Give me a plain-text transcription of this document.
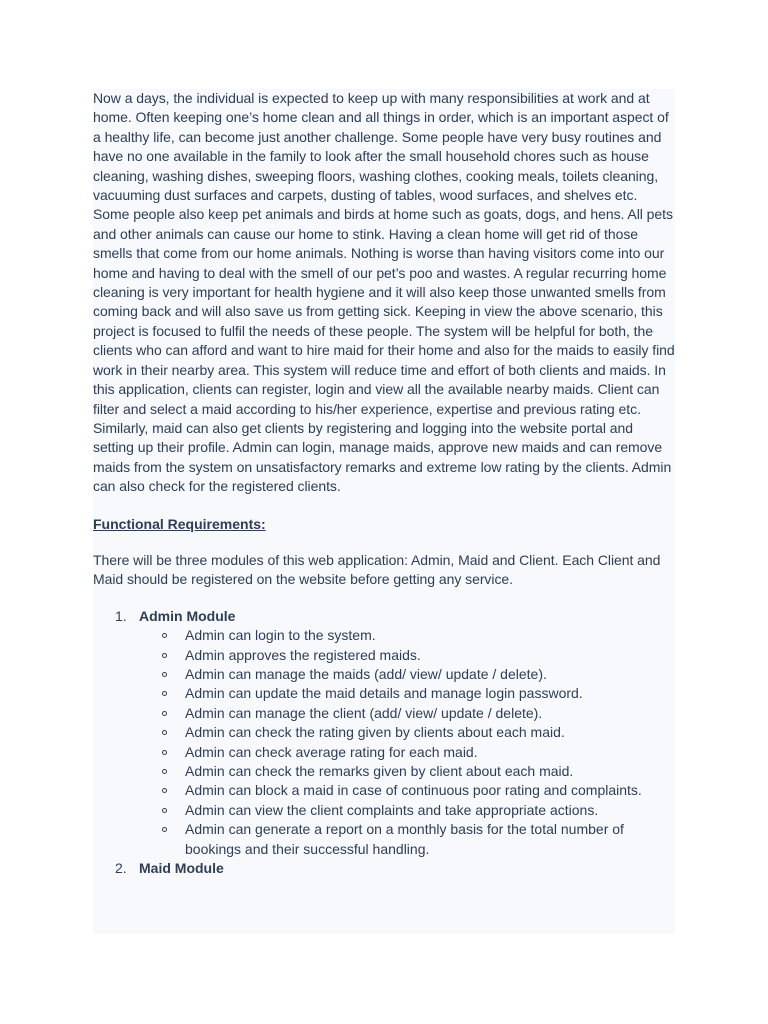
Now a days, the individual is expected to keep up with many responsibilities at work and at home. Often keeping one’s home clean and all things in order, which is an important aspect of a healthy life, can become just another challenge. Some people have very busy routines and have no one available in the family to look after the small household chores such as house cleaning, washing dishes, sweeping floors, washing clothes, cooking meals, toilets cleaning, vacuuming dust surfaces and carpets, dusting of tables, wood surfaces, and shelves etc. Some people also keep pet animals and birds at home such as goats, dogs, and hens. All pets and other animals can cause our home to stink. Having a clean home will get rid of those smells that come from our home animals. Nothing is worse than having visitors come into our home and having to deal with the smell of our pet’s poo and wastes. A regular recurring home cleaning is very important for health hygiene and it will also keep those unwanted smells from coming back and will also save us from getting sick. Keeping in view the above scenario, this project is focused to fulfil the needs of these people. The system will be helpful for both, the clients who can afford and want to hire maid for their home and also for the maids to easily find work in their nearby area. This system will reduce time and effort of both clients and maids. In this application, clients can register, login and view all the available nearby maids. Client can filter and select a maid according to his/her experience, expertise and previous rating etc. Similarly, maid can also get clients by registering and logging into the website portal and setting up their profile. Admin can login, manage maids, approve new maids and can remove maids from the system on unsatisfactory remarks and extreme low rating by the clients. Admin can also check for the registered clients.

Functional Requirements:

There will be three modules of this web application: Admin, Maid and Client. Each Client and Maid should be registered on the website before getting any service.

1. Admin Module
Admin can login to the system.
Admin approves the registered maids.
Admin can manage the maids (add/ view/ update / delete).
Admin can update the maid details and manage login password.
Admin can manage the client (add/ view/ update / delete).
Admin can check the rating given by clients about each maid.
Admin can check average rating for each maid.
Admin can check the remarks given by client about each maid.
Admin can block a maid in case of continuous poor rating and complaints.
Admin can view the client complaints and take appropriate actions.
Admin can generate a report on a monthly basis for the total number of bookings and their successful handling.
2. Maid Module
